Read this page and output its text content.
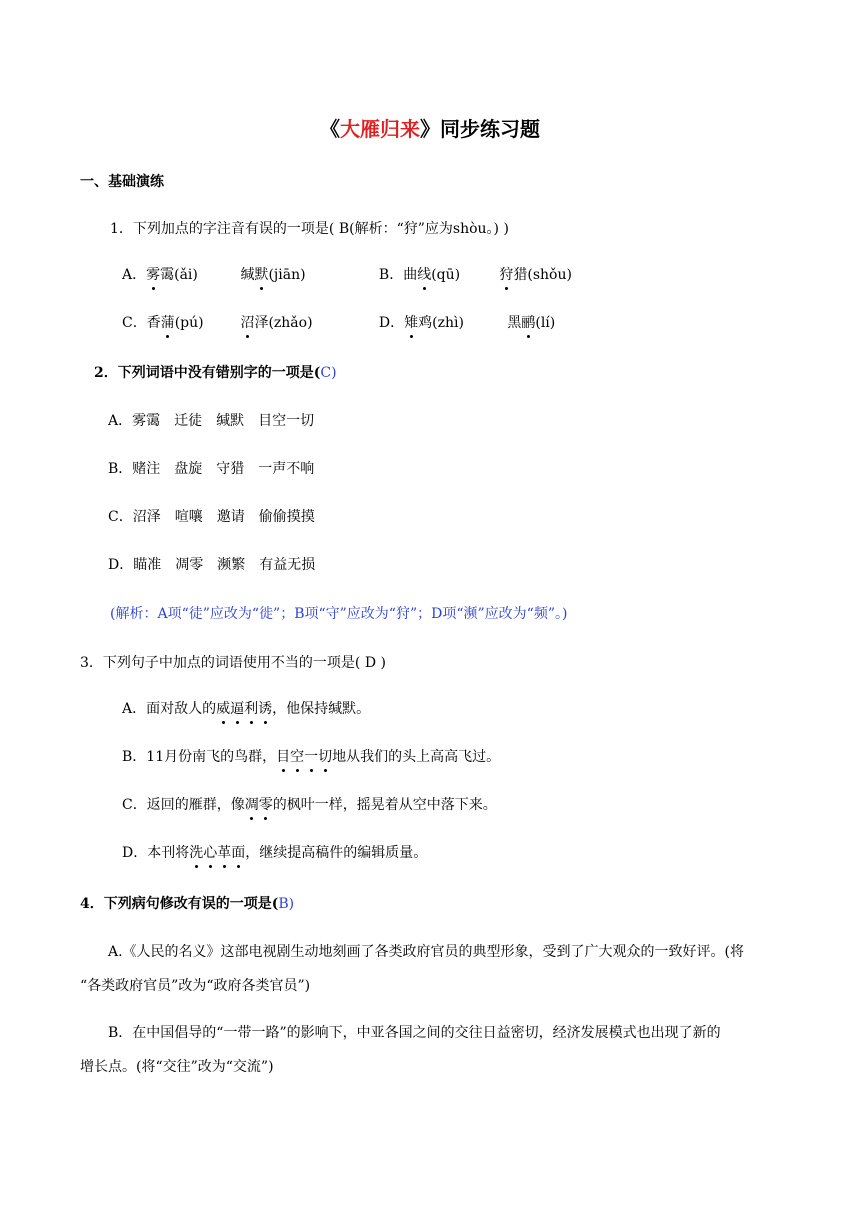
《大雁归来》同步练习题
一、基础演练
1．下列加点的字注音有误的一项是( B(解析：“狩”应为shòu。) )
A．雾霭(ǎi)	缄默(jiān)	B．曲线(qū)	狩猎(shǒu)
C．香蒲(pú)	沼泽(zhǎo)	D．雉鸡(zhì)	黑鹂(lí)
2．下列词语中没有错别字的一项是(C)
A．雾霭　迁徒　缄默　目空一切
B．赌注　盘旋　守猎　一声不响
C．沼泽　喧嚷　邀请　偷偷摸摸
D．瞄准　凋零　濒繁　有益无损
(解析：A项“徒”应改为“徙”；B项“守”应改为“狩”；D项“濒”应改为“频”。)
3．下列句子中加点的词语使用不当的一项是( D )
A．面对敌人的威逼利诱，他保持缄默。
B．11月份南飞的鸟群，目空一切地从我们的头上高高飞过。
C．返回的雁群，像凋零的枫叶一样，摇晃着从空中落下来。
D．本刊将洗心革面，继续提高稿件的编辑质量。
4．下列病句修改有误的一项是(B)
A.《人民的名义》这部电视剧生动地刻画了各类政府官员的典型形象，受到了广大观众的一致好评。(将
“各类政府官员”改为“政府各类官员”)
B．在中国倡导的“一带一路”的影响下，中亚各国之间的交往日益密切，经济发展模式也出现了新的
增长点。(将“交往”改为“交流”)
